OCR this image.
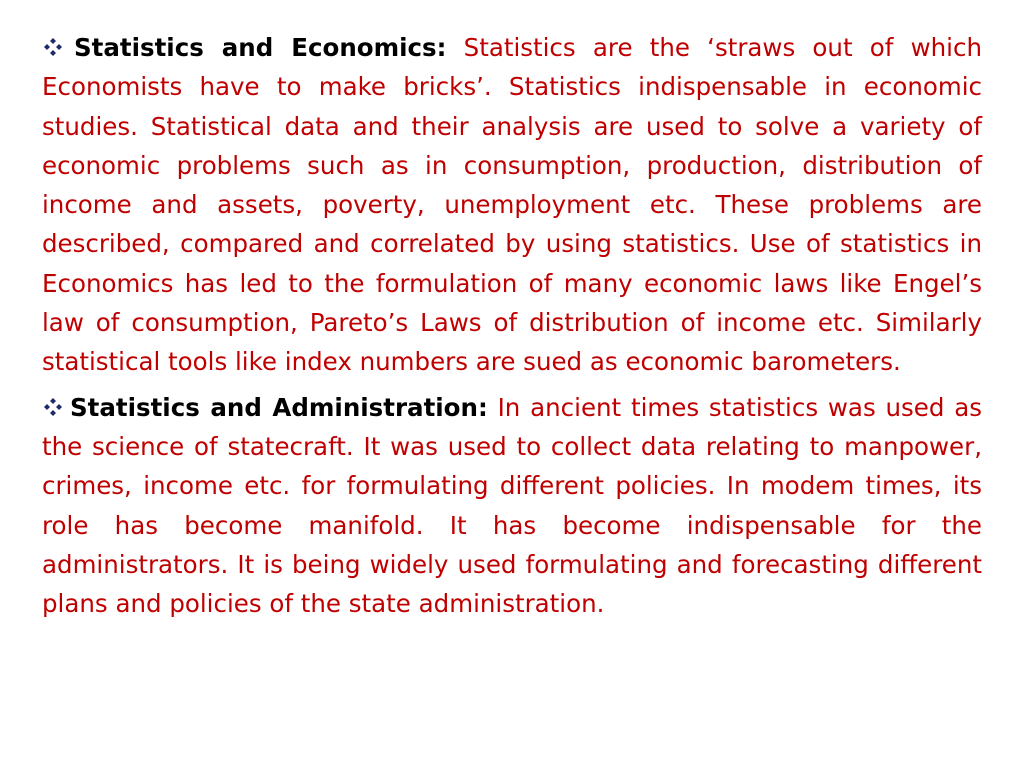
Statistics and Economics: Statistics are the ‘straws out of which Economists have to make bricks’. Statistics indispensable in economic studies. Statistical data and their analysis are used to solve a variety of economic problems such as in consumption, production, distribution of income and assets, poverty, unemployment etc. These problems are described, compared and correlated by using statistics. Use of statistics in Economics has led to the formulation of many economic laws like Engel’s law of consumption, Pareto’s Laws of distribution of income etc. Similarly statistical tools like index numbers are sued as economic barometers.

Statistics and Administration: In ancient times statistics was used as the science of statecraft. It was used to collect data relating to manpower, crimes, income etc. for formulating different policies. In modem times, its role has become manifold. It has become indispensable for the administrators. It is being widely used formulating and forecasting different plans and policies of the state administration.
